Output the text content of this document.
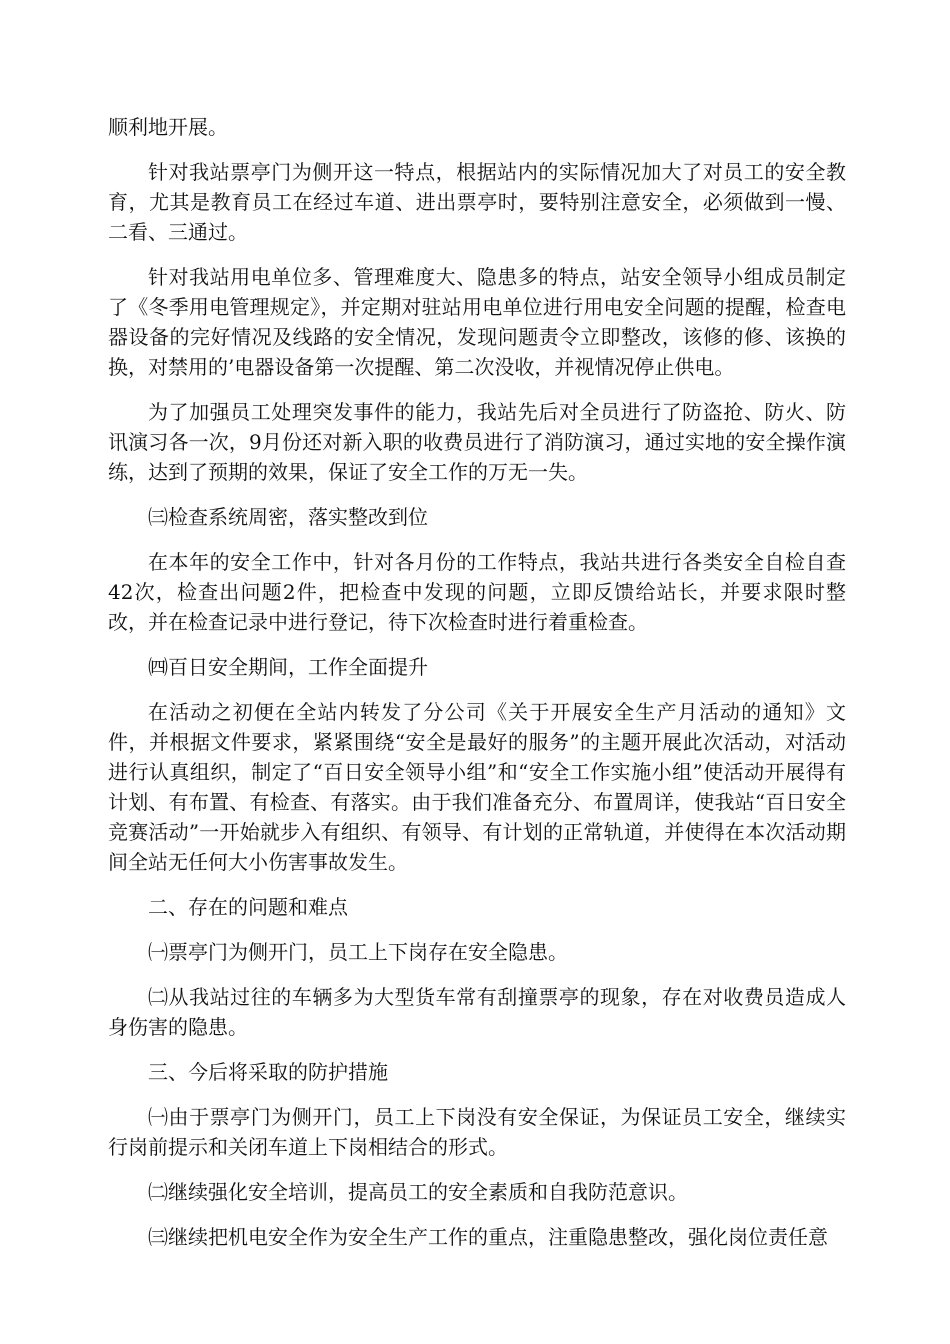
顺利地开展。

针对我站票亭门为侧开这一特点，根据站内的实际情况加大了对员工的安全教育，尤其是教育员工在经过车道、进出票亭时，要特别注意安全，必须做到一慢、二看、三通过。

针对我站用电单位多、管理难度大、隐患多的特点，站安全领导小组成员制定了《冬季用电管理规定》，并定期对驻站用电单位进行用电安全问题的提醒，检查电器设备的完好情况及线路的安全情况，发现问题责令立即整改，该修的修、该换的换，对禁用的’电器设备第一次提醒、第二次没收，并视情况停止供电。

为了加强员工处理突发事件的能力，我站先后对全员进行了防盗抢、防火、防讯演习各一次，9月份还对新入职的收费员进行了消防演习，通过实地的安全操作演练，达到了预期的效果，保证了安全工作的万无一失。

㈢检查系统周密，落实整改到位

在本年的安全工作中，针对各月份的工作特点，我站共进行各类安全自检自查42次，检查出问题2件，把检查中发现的问题，立即反馈给站长，并要求限时整改，并在检查记录中进行登记，待下次检查时进行着重检查。

㈣百日安全期间，工作全面提升

在活动之初便在全站内转发了分公司《关于开展安全生产月活动的通知》文件，并根据文件要求，紧紧围绕“安全是最好的服务”的主题开展此次活动，对活动进行认真组织，制定了“百日安全领导小组”和“安全工作实施小组”使活动开展得有计划、有布置、有检查、有落实。由于我们准备充分、布置周详，使我站“百日安全竞赛活动”一开始就步入有组织、有领导、有计划的正常轨道，并使得在本次活动期间全站无任何大小伤害事故发生。

二、存在的问题和难点

㈠票亭门为侧开门，员工上下岗存在安全隐患。

㈡从我站过往的车辆多为大型货车常有刮撞票亭的现象，存在对收费员造成人身伤害的隐患。

三、今后将采取的防护措施

㈠由于票亭门为侧开门，员工上下岗没有安全保证，为保证员工安全，继续实行岗前提示和关闭车道上下岗相结合的形式。

㈡继续强化安全培训，提高员工的安全素质和自我防范意识。

㈢继续把机电安全作为安全生产工作的重点，注重隐患整改，强化岗位责任意
